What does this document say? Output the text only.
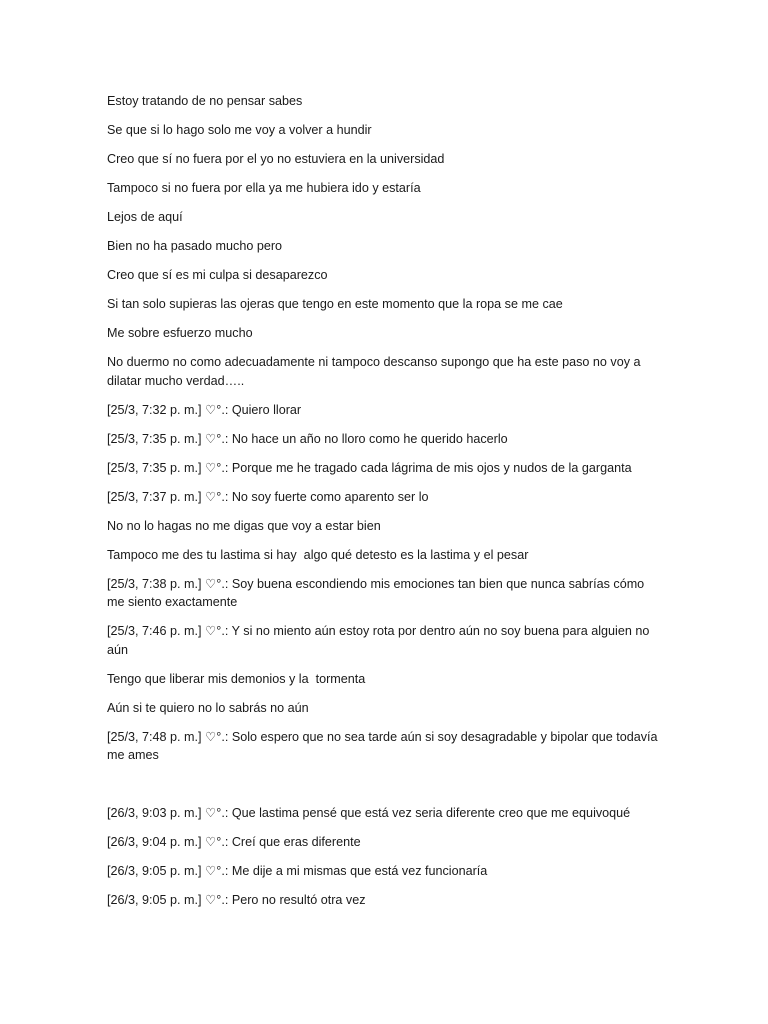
Estoy tratando de no pensar sabes

Se que si lo hago solo me voy a volver a hundir

Creo que sí no fuera por el yo no estuviera en la universidad

Tampoco si no fuera por ella ya me hubiera ido y estaría

Lejos de aquí

Bien no ha pasado mucho pero

Creo que sí es mi culpa si desaparezco

Si tan solo supieras las ojeras que tengo en este momento que la ropa se me cae

Me sobre esfuerzo mucho

No duermo no como adecuadamente ni tampoco descanso supongo que ha este paso no voy a dilatar mucho verdad…..

[25/3, 7:32 p. m.] ♡°.: Quiero llorar

[25/3, 7:35 p. m.] ♡°.: No hace un año no lloro como he querido hacerlo

[25/3, 7:35 p. m.] ♡°.: Porque me he tragado cada lágrima de mis ojos y nudos de la garganta

[25/3, 7:37 p. m.] ♡°.: No soy fuerte como aparento ser lo

No no lo hagas no me digas que voy a estar bien

Tampoco me des tu lastima si hay  algo qué detesto es la lastima y el pesar

[25/3, 7:38 p. m.] ♡°.: Soy buena escondiendo mis emociones tan bien que nunca sabrías cómo me siento exactamente

[25/3, 7:46 p. m.] ♡°.: Y si no miento aún estoy rota por dentro aún no soy buena para alguien no aún

Tengo que liberar mis demonios y la  tormenta

Aún si te quiero no lo sabrás no aún

[25/3, 7:48 p. m.] ♡°.: Solo espero que no sea tarde aún si soy desagradable y bipolar que todavía me ames

[26/3, 9:03 p. m.] ♡°.: Que lastima pensé que está vez seria diferente creo que me equivoqué

[26/3, 9:04 p. m.] ♡°.: Creí que eras diferente

[26/3, 9:05 p. m.] ♡°.: Me dije a mi mismas que está vez funcionaría

[26/3, 9:05 p. m.] ♡°.: Pero no resultó otra vez
